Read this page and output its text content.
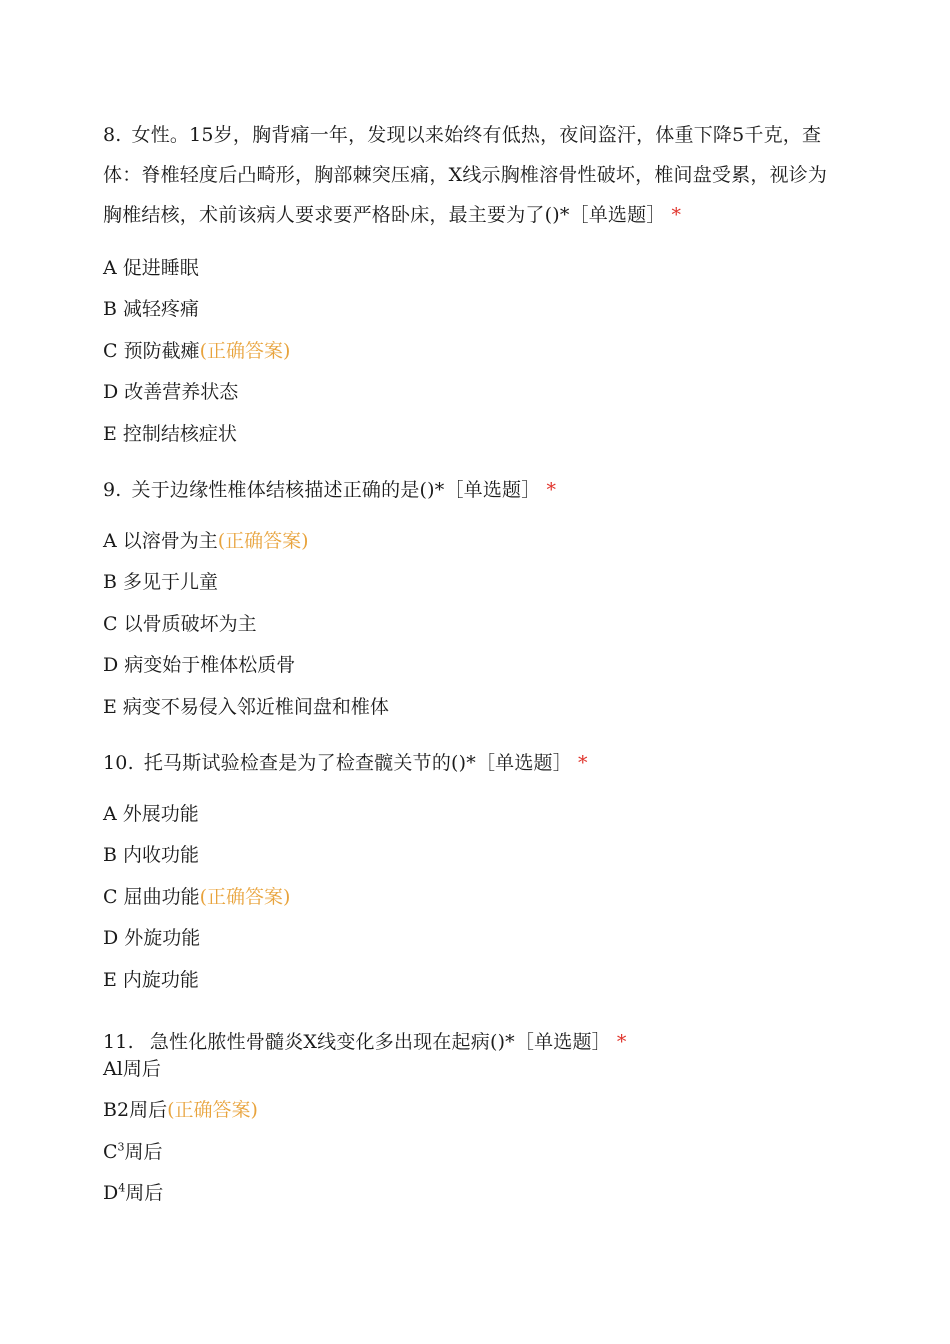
8. 女性。15岁，胸背痛一年，发现以来始终有低热，夜间盗汗，体重下降5千克，查体：脊椎轻度后凸畸形，胸部棘突压痛，X线示胸椎溶骨性破坏，椎间盘受累，视诊为胸椎结核，术前该病人要求要严格卧床，最主要为了()*［单选题］ *

A 促进睡眠
B 减轻疼痛
C 预防截瘫(正确答案)
D 改善营养状态
E 控制结核症状

9. 关于边缘性椎体结核描述正确的是()*［单选题］ *

A 以溶骨为主(正确答案)
B 多见于儿童
C 以骨质破坏为主
D 病变始于椎体松质骨
E 病变不易侵入邻近椎间盘和椎体

10. 托马斯试验检查是为了检查髋关节的()*［单选题］ *

A 外展功能
B 内收功能
C 屈曲功能(正确答案)
D 外旋功能
E 内旋功能

11. 急性化脓性骨髓炎X线变化多出现在起病()*［单选题］ *

Al周后
B2周后(正确答案)
$C^3$周后
$D^4$周后
